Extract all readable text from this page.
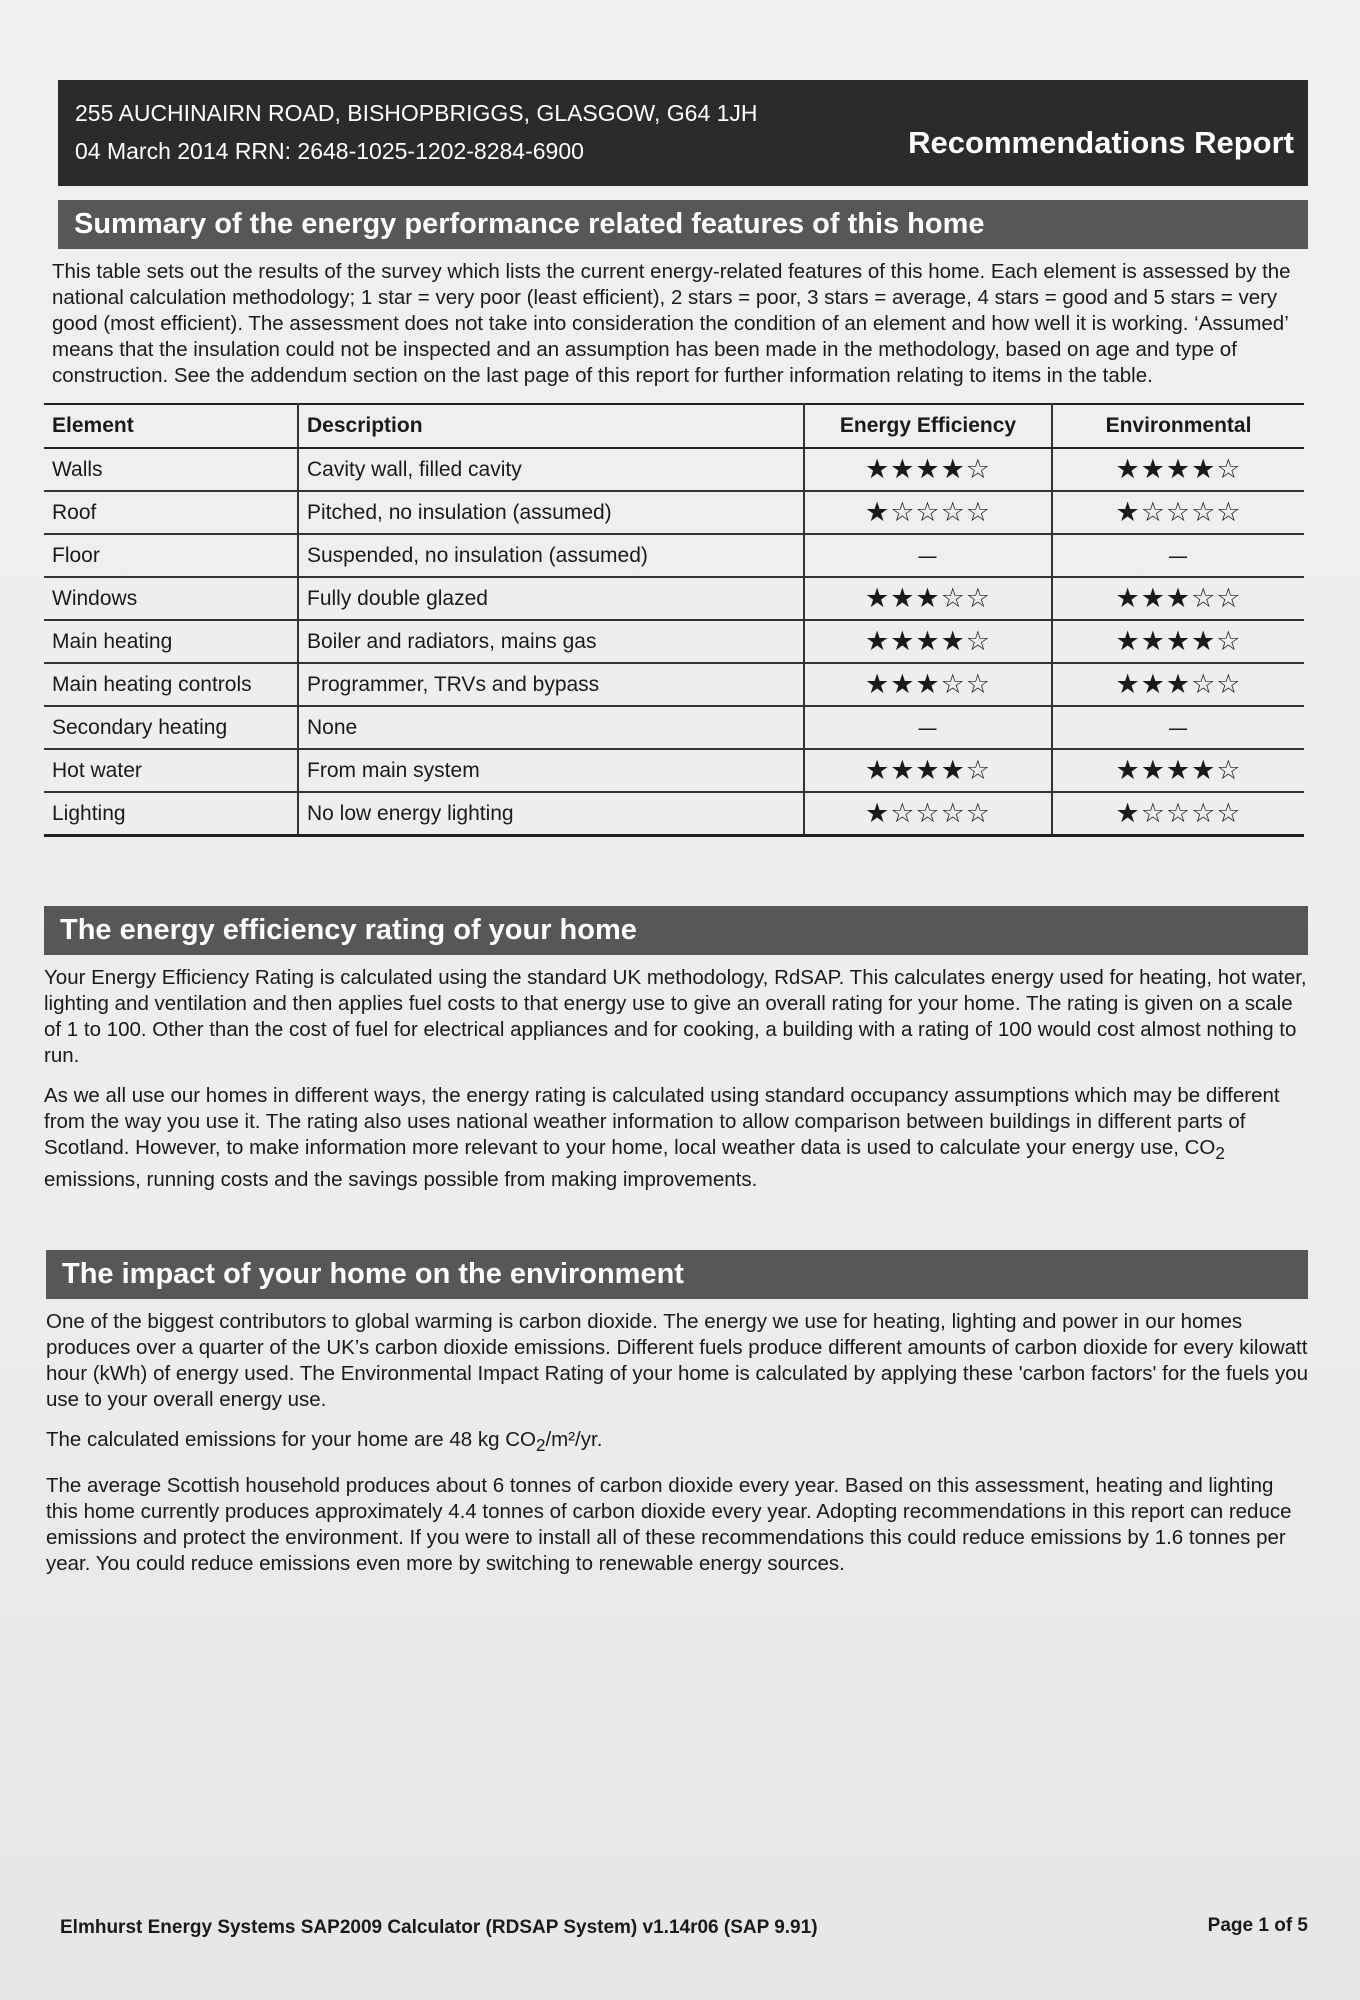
255 AUCHINAIRN ROAD, BISHOPBRIGGS, GLASGOW, G64 1JH
04 March 2014 RRN: 2648-1025-1202-8284-6900	Recommendations Report
Summary of the energy performance related features of this home

This table sets out the results of the survey which lists the current energy-related features of this home. Each element is assessed by the national calculation methodology; 1 star = very poor (least efficient), 2 stars = poor, 3 stars = average, 4 stars = good and 5 stars = very good (most efficient). The assessment does not take into consideration the condition of an element and how well it is working. ‘Assumed’ means that the insulation could not be inspected and an assumption has been made in the methodology, based on age and type of construction. See the addendum section on the last page of this report for further information relating to items in the table.

Element	Description	Energy Efficiency	Environmental
Walls	Cavity wall, filled cavity	★★★★☆	★★★★☆
Roof	Pitched, no insulation (assumed)	★☆☆☆☆	★☆☆☆☆
Floor	Suspended, no insulation (assumed)	—	—
Windows	Fully double glazed	★★★☆☆	★★★☆☆
Main heating	Boiler and radiators, mains gas	★★★★☆	★★★★☆
Main heating controls	Programmer, TRVs and bypass	★★★☆☆	★★★☆☆
Secondary heating	None	—	—
Hot water	From main system	★★★★☆	★★★★☆
Lighting	No low energy lighting	★☆☆☆☆	★☆☆☆☆
The energy efficiency rating of your home

Your Energy Efficiency Rating is calculated using the standard UK methodology, RdSAP. This calculates energy used for heating, hot water, lighting and ventilation and then applies fuel costs to that energy use to give an overall rating for your home. The rating is given on a scale of 1 to 100. Other than the cost of fuel for electrical appliances and for cooking, a building with a rating of 100 would cost almost nothing to run.

As we all use our homes in different ways, the energy rating is calculated using standard occupancy assumptions which may be different from the way you use it. The rating also uses national weather information to allow comparison between buildings in different parts of Scotland. However, to make information more relevant to your home, local weather data is used to calculate your energy use, $CO_2$ emissions, running costs and the savings possible from making improvements.

The impact of your home on the environment

One of the biggest contributors to global warming is carbon dioxide. The energy we use for heating, lighting and power in our homes produces over a quarter of the UK’s carbon dioxide emissions. Different fuels produce different amounts of carbon dioxide for every kilowatt hour (kWh) of energy used. The Environmental Impact Rating of your home is calculated by applying these 'carbon factors' for the fuels you use to your overall energy use.

The calculated emissions for your home are 48 kg $CO_2/m^2/yr$.

The average Scottish household produces about 6 tonnes of carbon dioxide every year. Based on this assessment, heating and lighting this home currently produces approximately 4.4 tonnes of carbon dioxide every year. Adopting recommendations in this report can reduce emissions and protect the environment. If you were to install all of these recommendations this could reduce emissions by 1.6 tonnes per year. You could reduce emissions even more by switching to renewable energy sources.

Elmhurst Energy Systems SAP2009 Calculator (RDSAP System) v1.14r06 (SAP 9.91)	Page 1 of 5
